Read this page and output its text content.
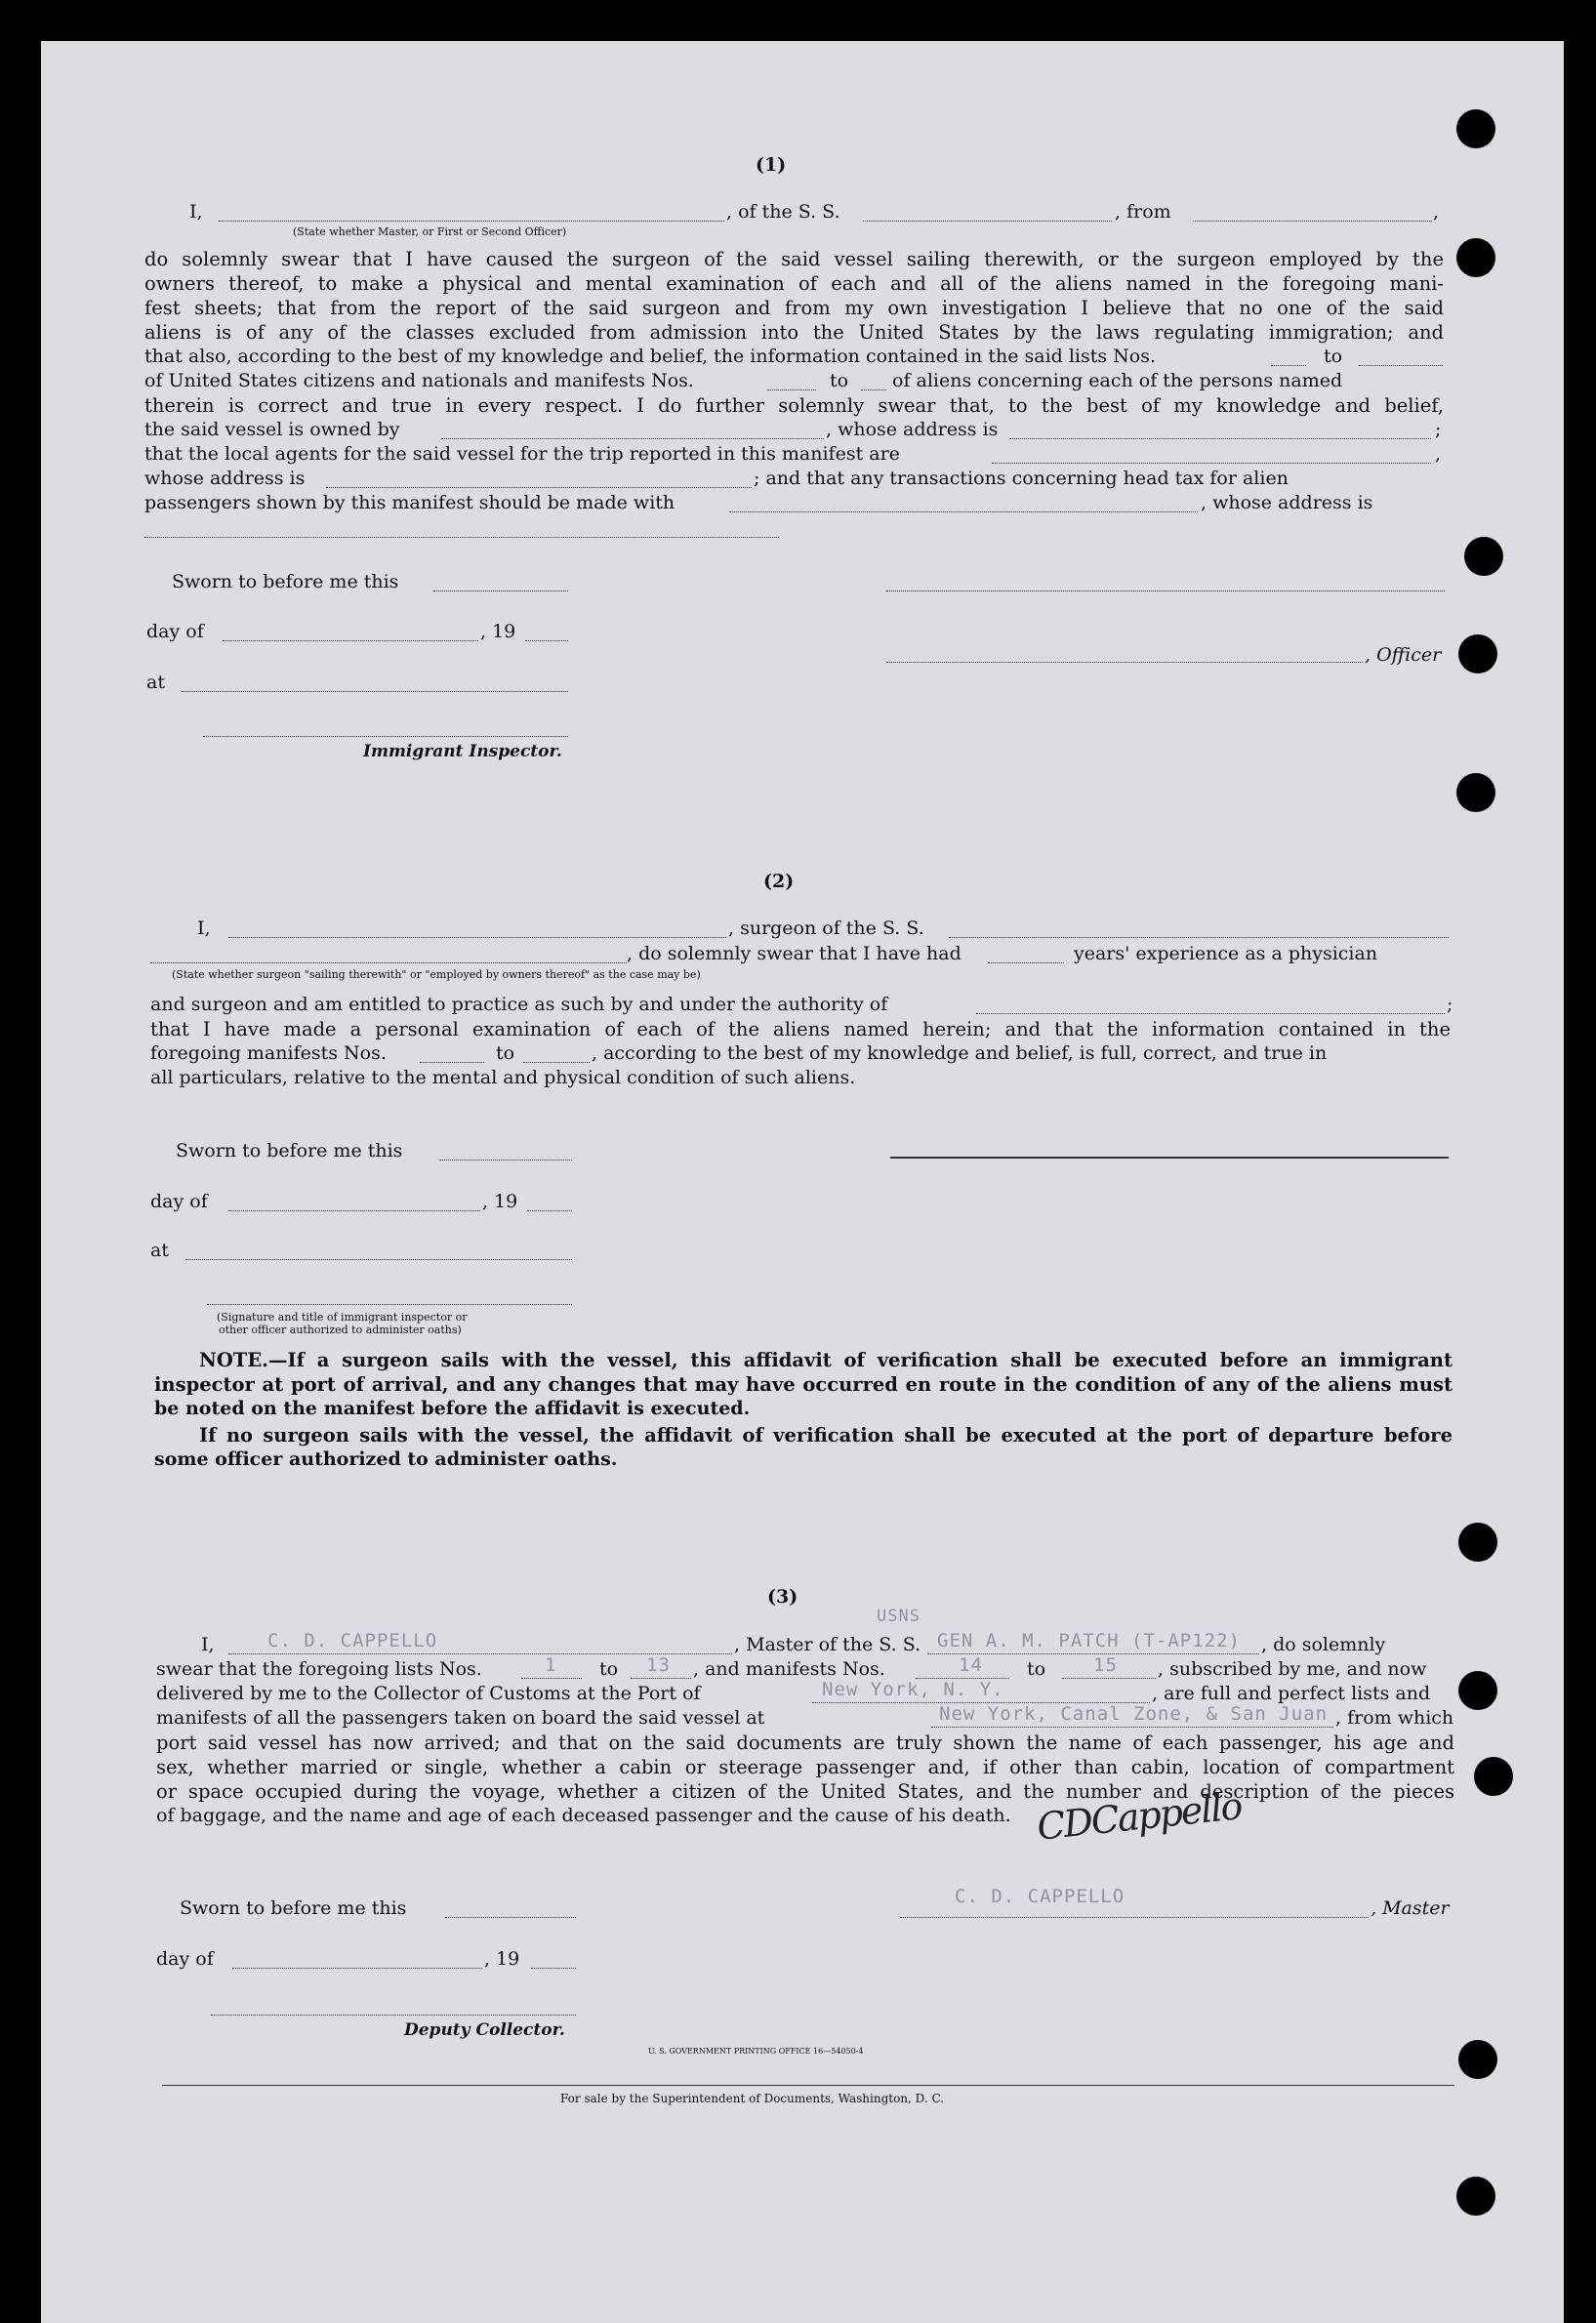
(1)
I,	, of the S. S.	, from	,
(State whether Master, or First or Second Officer)
do solemnly swear that I have caused the surgeon of the said vessel sailing therewith, or the surgeon employed by the
owners thereof, to make a physical and mental examination of each and all of the aliens named in the foregoing mani-
fest sheets; that from the report of the said surgeon and from my own investigation I believe that no one of the said
aliens is of any of the classes excluded from admission into the United States by the laws regulating immigration; and
that also, according to the best of my knowledge and belief, the information contained in the said lists Nos.	to
of United States citizens and nationals and manifests Nos.	to of aliens concerning each of the persons named
therein is correct and true in every respect. I do further solemnly swear that, to the best of my knowledge and belief,
the said vessel is owned by	, whose address is	;
that the local agents for the said vessel for the trip reported in this manifest are	,
whose address is	; and that any transactions concerning head tax for alien
passengers shown by this manifest should be made with	, whose address is
Sworn to before me this
day of	, 19
, Officer
at
Immigrant Inspector.
(2)
I,	, surgeon of the S. S.
, do solemnly swear that I have had	years' experience as a physician
(State whether surgeon "sailing therewith" or "employed by owners thereof" as the case may be)
and surgeon and am entitled to practice as such by and under the authority of	;
that I have made a personal examination of each of the aliens named herein; and that the information contained in the
foregoing manifests Nos.	to	, according to the best of my knowledge and belief, is full, correct, and true in
all particulars, relative to the mental and physical condition of such aliens.
Sworn to before me this
day of	, 19
at
(Signature and title of immigrant inspector or
other officer authorized to administer oaths)
NOTE.—If a surgeon sails with the vessel, this affidavit of verification shall be executed before an immigrant
inspector at port of arrival, and any changes that may have occurred en route in the condition of any of the aliens must
be noted on the manifest before the affidavit is executed.
If no surgeon sails with the vessel, the affidavit of verification shall be executed at the port of departure before
some officer authorized to administer oaths.
(3)
USNS
I,	C. D. CAPPELLO	, Master of the S. S. GEN A. M. PATCH (T-AP122) , do solemnly
swear that the foregoing lists Nos.	1 to 13 , and manifests Nos.	14 to	15 , subscribed by me, and now
delivered by me to the Collector of Customs at the Port of	New York, N. Y.	, are full and perfect lists and
manifests of all the passengers taken on board the said vessel at	New York, Canal Zone, & San Juan , from which
port said vessel has now arrived; and that on the said documents are truly shown the name of each passenger, his age and
sex, whether married or single, whether a cabin or steerage passenger and, if other than cabin, location of compartment
or space occupied during the voyage, whether a citizen of the United States, and the number and description of the pieces
of baggage, and the name and age of each deceased passenger and the cause of his death. CDCappello
Sworn to before me this
C. D. CAPPELLO
, Master
day of	, 19
Deputy Collector.
U. S. GOVERNMENT PRINTING OFFICE 16—54050-4
For sale by the Superintendent of Documents, Washington, D. C.
